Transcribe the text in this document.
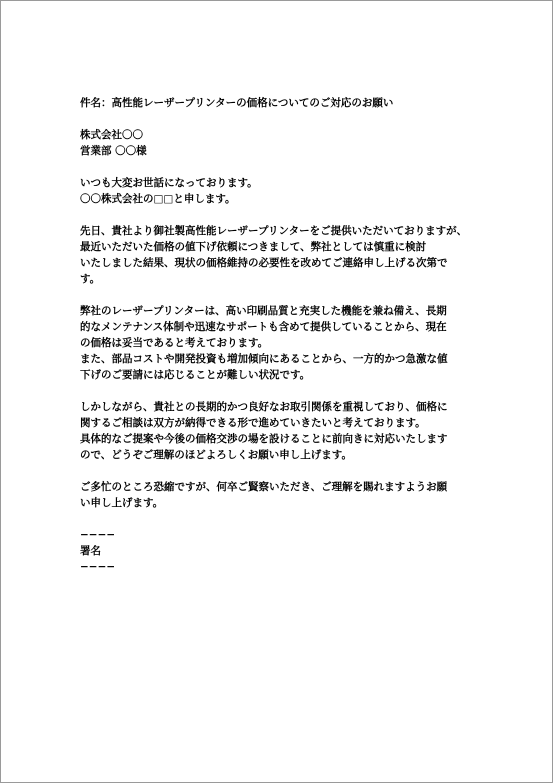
件名：高性能レーザープリンターの価格についてのご対応のお願い
株式会社〇〇
営業部 〇〇様
いつも大変お世話になっております。
〇〇株式会社の□□と申します。
先日、貴社より御社製高性能レーザープリンターをご提供いただいておりますが、
最近いただいた価格の値下げ依頼につきまして、弊社としては慎重に検討
いたしました結果、現状の価格維持の必要性を改めてご連絡申し上げる次第で
す。
弊社のレーザープリンターは、高い印刷品質と充実した機能を兼ね備え、長期
的なメンテナンス体制や迅速なサポートも含めて提供していることから、現在
の価格は妥当であると考えております。
また、部品コストや開発投資も増加傾向にあることから、一方的かつ急激な値
下げのご要請には応じることが難しい状況です。
しかしながら、貴社との長期的かつ良好なお取引関係を重視しており、価格に
関するご相談は双方が納得できる形で進めていきたいと考えております。
具体的なご提案や今後の価格交渉の場を設けることに前向きに対応いたします
ので、どうぞご理解のほどよろしくお願い申し上げます。
ご多忙のところ恐縮ですが、何卒ご賢察いただき、ご理解を賜れますようお願
い申し上げます。
−−−−
署名
−−−−
